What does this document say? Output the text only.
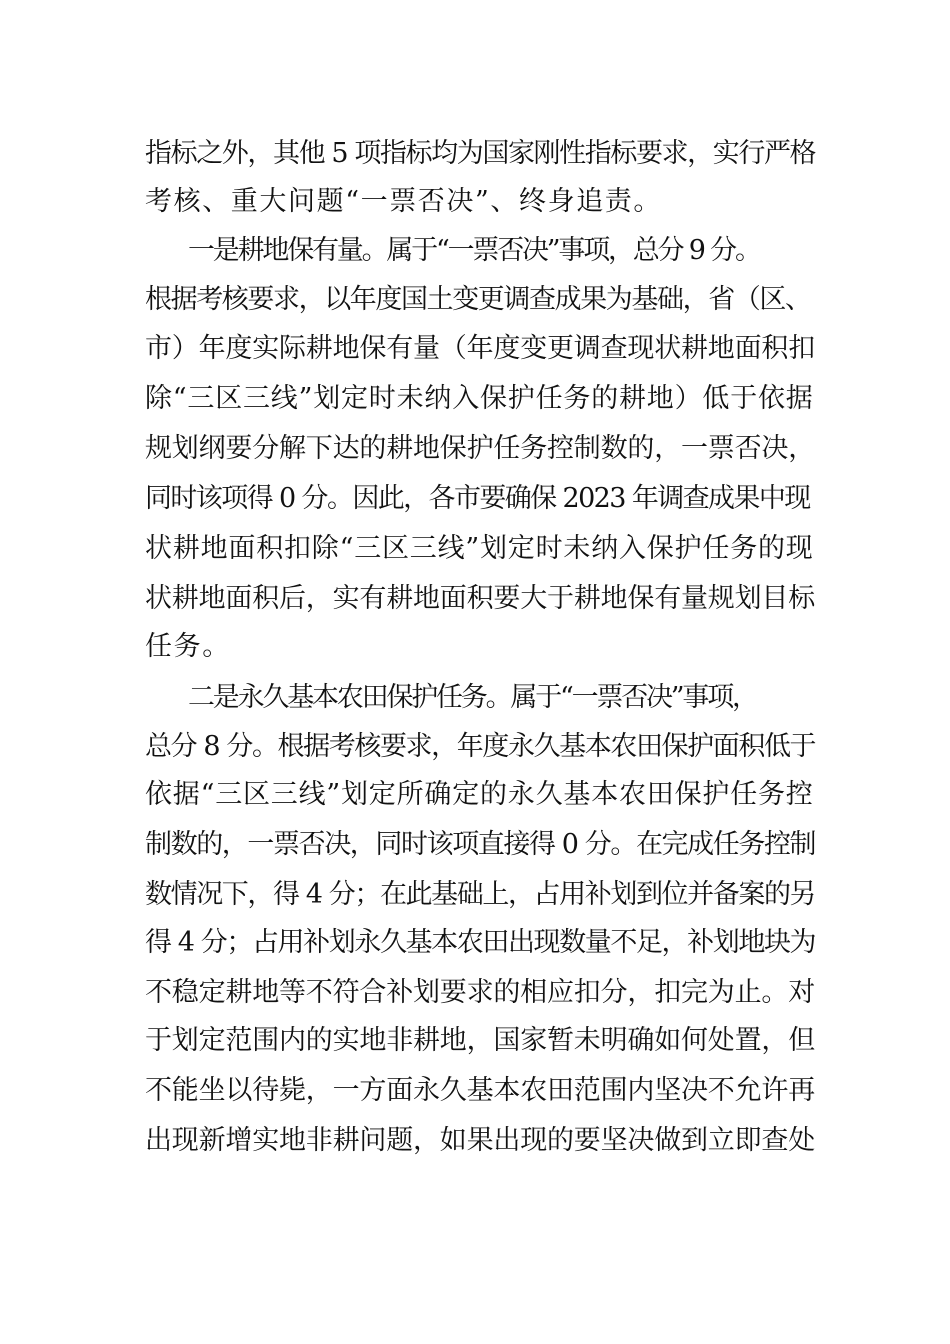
指标之外，其他 5 项指标均为国家刚性指标要求，实行严格

考核、重大问题“一票否决”、终身追责。

一是耕地保有量。属于“一票否决”事项，总分 9 分。

根据考核要求，以年度国土变更调查成果为基础，省（区、

市）年度实际耕地保有量（年度变更调查现状耕地面积扣

除“三区三线”划定时未纳入保护任务的耕地）低于依据

规划纲要分解下达的耕地保护任务控制数的，一票否决，

同时该项得 0 分。因此，各市要确保 2023 年调查成果中现

状耕地面积扣除“三区三线”划定时未纳入保护任务的现

状耕地面积后，实有耕地面积要大于耕地保有量规划目标

任务。

二是永久基本农田保护任务。属于“一票否决”事项，

总分 8 分。根据考核要求，年度永久基本农田保护面积低于

依据“三区三线”划定所确定的永久基本农田保护任务控

制数的，一票否决，同时该项直接得 0 分。在完成任务控制

数情况下，得 4 分；在此基础上，占用补划到位并备案的另

得 4 分；占用补划永久基本农田出现数量不足，补划地块为

不稳定耕地等不符合补划要求的相应扣分，扣完为止。对

于划定范围内的实地非耕地，国家暂未明确如何处置，但

不能坐以待毙，一方面永久基本农田范围内坚决不允许再

出现新增实地非耕问题，如果出现的要坚决做到立即查处
